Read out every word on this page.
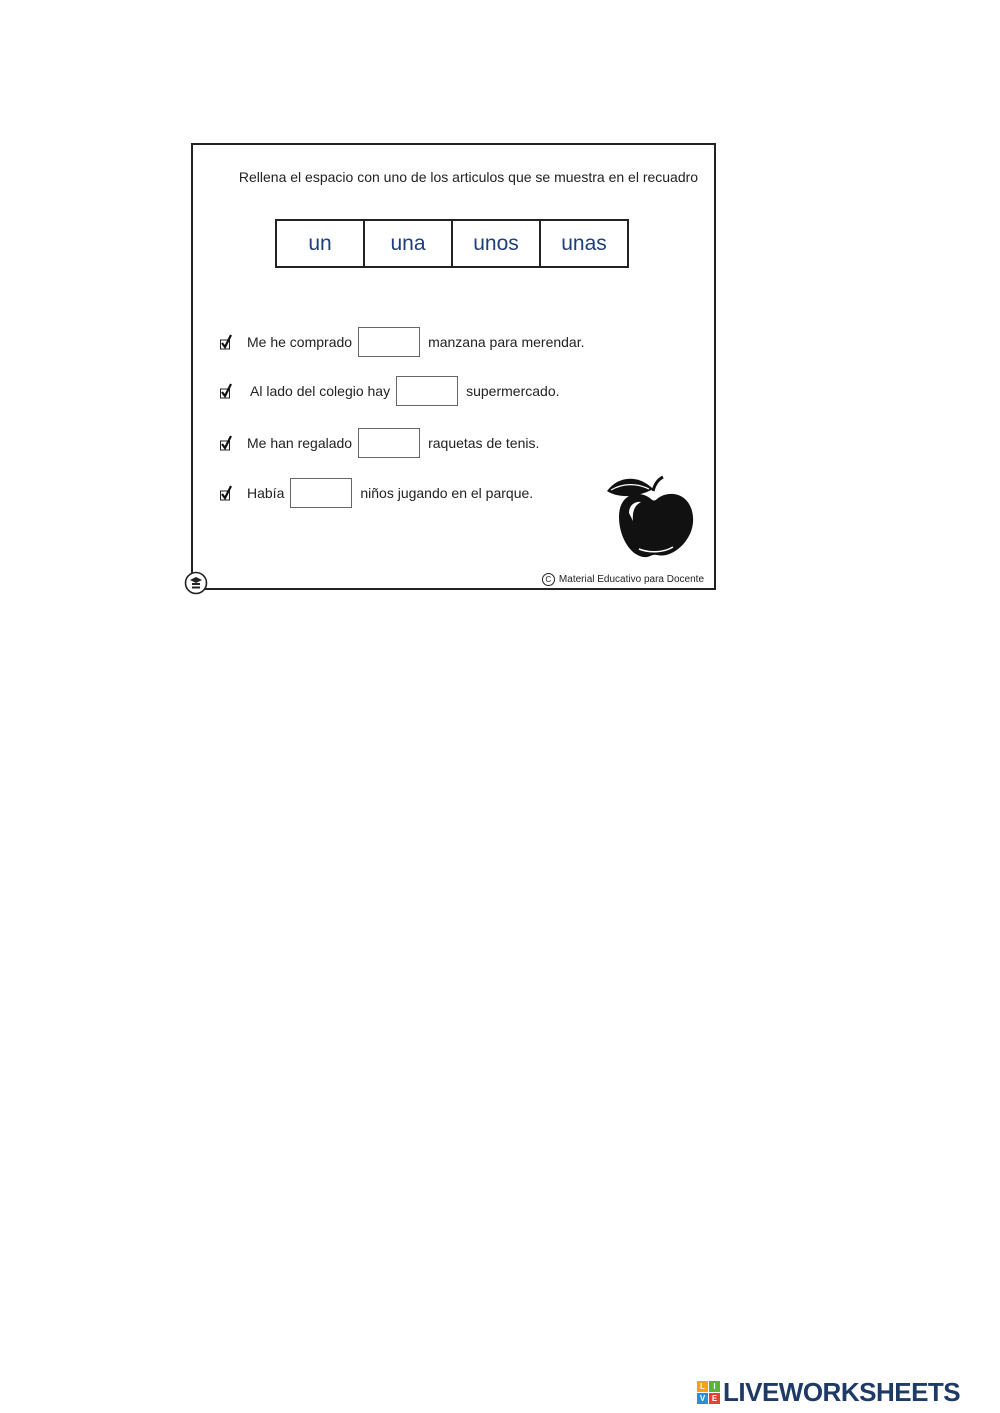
Rellena el espacio con uno de los articulos que se muestra en el recuadro
un	una	unos	unas
Me he comprado	manzana para merendar.
Al lado del colegio hay	supermercado.
Me han regalado	raquetas de tenis.
Había	niños jugando en el parque.
C Material Educativo para Docente
L	I
V E LIVEWORKSHEETS
